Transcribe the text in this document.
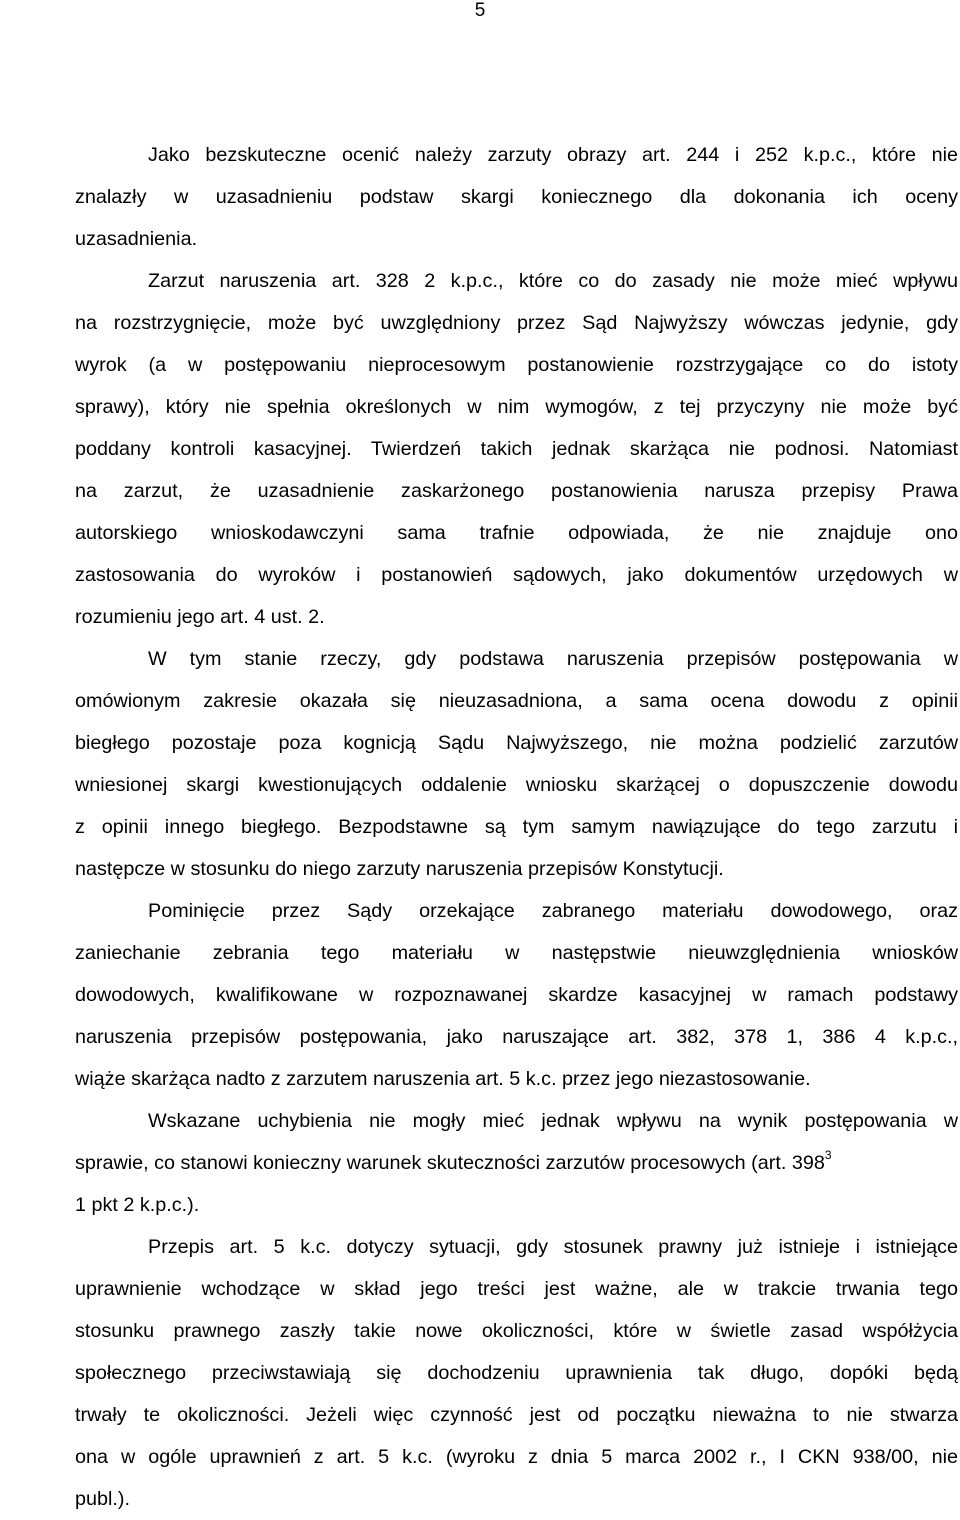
5
Jako bezskuteczne ocenić należy zarzuty obrazy art. 244 i 252 k.p.c., które nie
znalazły w uzasadnieniu podstaw skargi koniecznego dla dokonania ich oceny
uzasadnienia.
Zarzut naruszenia art. 328 2 k.p.c., które co do zasady nie może mieć wpływu
na rozstrzygnięcie, może być uwzględniony przez Sąd Najwyższy wówczas jedynie, gdy
wyrok (a w postępowaniu nieprocesowym postanowienie rozstrzygające co do istoty
sprawy), który nie spełnia określonych w nim wymogów, z tej przyczyny nie może być
poddany kontroli kasacyjnej. Twierdzeń takich jednak skarżąca nie podnosi. Natomiast
na zarzut, że uzasadnienie zaskarżonego postanowienia narusza przepisy Prawa
autorskiego wnioskodawczyni sama trafnie odpowiada, że nie znajduje ono
zastosowania do wyroków i postanowień sądowych, jako dokumentów urzędowych w
rozumieniu jego art. 4 ust. 2.
W tym stanie rzeczy, gdy podstawa naruszenia przepisów postępowania w
omówionym zakresie okazała się nieuzasadniona, a sama ocena dowodu z opinii
biegłego pozostaje poza kognicją Sądu Najwyższego, nie można podzielić zarzutów
wniesionej skargi kwestionujących oddalenie wniosku skarżącej o dopuszczenie dowodu
z opinii innego biegłego. Bezpodstawne są tym samym nawiązujące do tego zarzutu i
następcze w stosunku do niego zarzuty naruszenia przepisów Konstytucji.
Pominięcie przez Sądy orzekające zabranego materiału dowodowego, oraz
zaniechanie zebrania tego materiału w następstwie nieuwzględnienia wniosków
dowodowych, kwalifikowane w rozpoznawanej skardze kasacyjnej w ramach podstawy
naruszenia przepisów postępowania, jako naruszające art. 382, 378 1, 386 4 k.p.c.,
wiąże skarżąca nadto z zarzutem naruszenia art. 5 k.c. przez jego niezastosowanie.
Wskazane uchybienia nie mogły mieć jednak wpływu na wynik postępowania w
sprawie, co stanowi konieczny warunek skuteczności zarzutów procesowych (art. $398^3$
1 pkt 2 k.p.c.).
Przepis art. 5 k.c. dotyczy sytuacji, gdy stosunek prawny już istnieje i istniejące
uprawnienie wchodzące w skład jego treści jest ważne, ale w trakcie trwania tego
stosunku prawnego zaszły takie nowe okoliczności, które w świetle zasad współżycia
społecznego przeciwstawiają się dochodzeniu uprawnienia tak długo, dopóki będą
trwały te okoliczności. Jeżeli więc czynność jest od początku nieważna to nie stwarza
ona w ogóle uprawnień z art. 5 k.c. (wyroku z dnia 5 marca 2002 r., I CKN 938/00, nie
publ.).
